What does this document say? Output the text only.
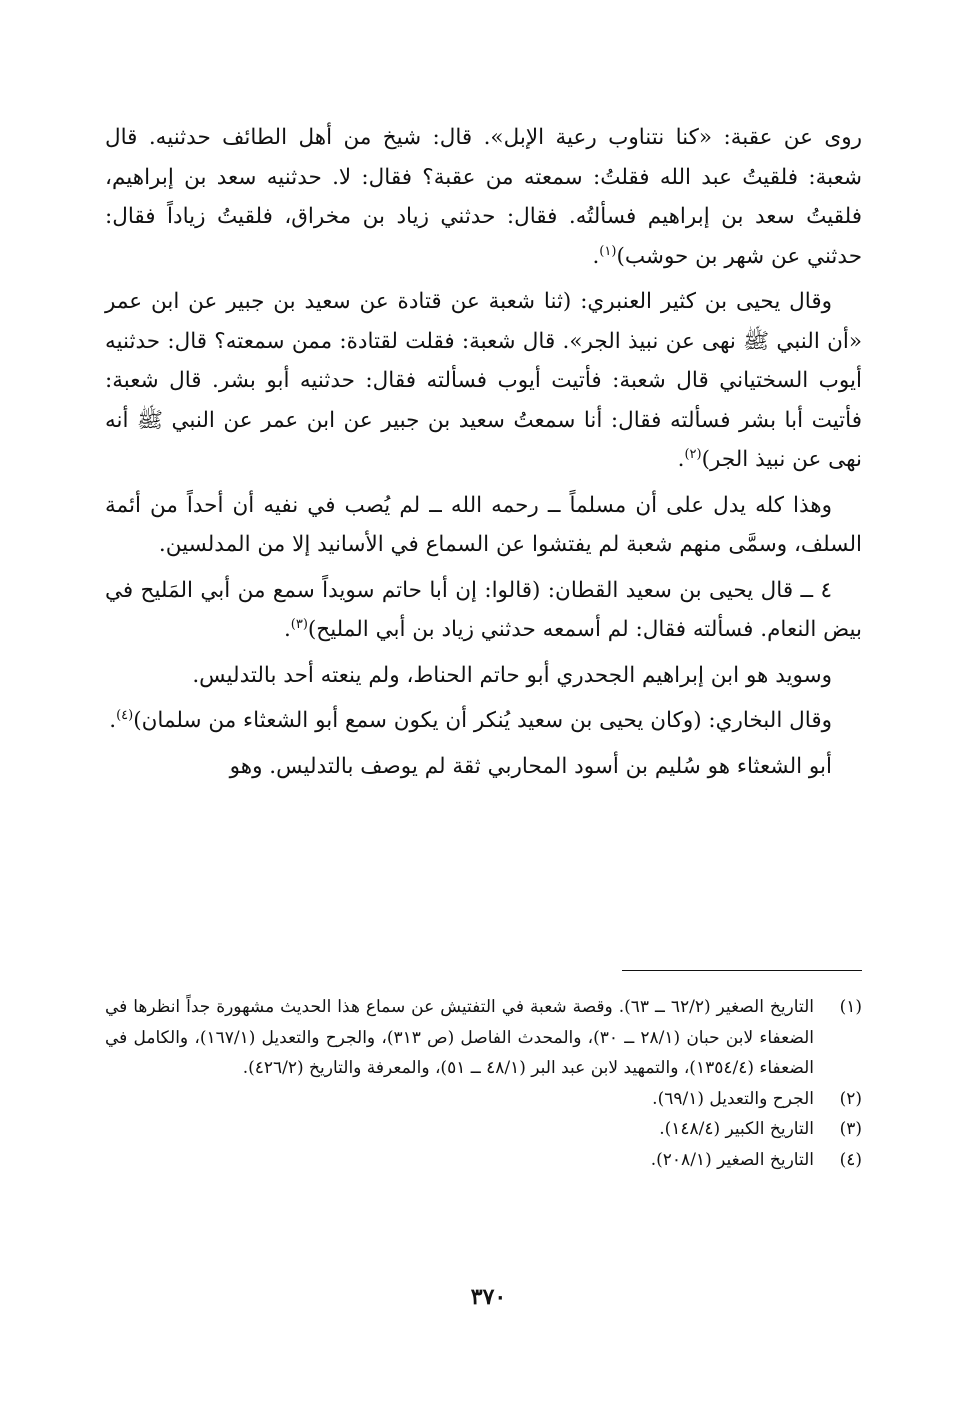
روى عن عقبة: «كنا نتناوب رعية الإبل». قال: شيخ من أهل الطائف حدثنيه. قال شعبة: فلقيتُ عبد الله فقلتُ: سمعته من عقبة؟ فقال: لا. حدثنيه سعد بن إبراهيم، فلقيتُ سعد بن إبراهيم فسألتُه. فقال: حدثني زياد بن مخراق، فلقيتُ زياداً فقال: حدثني عن شهر بن حوشب)$^{(١)}$.

وقال يحيى بن كثير العنبري: (ثنا شعبة عن قتادة عن سعيد بن جبير عن ابن عمر «أن النبي ﷺ نهى عن نبيذ الجر». قال شعبة: فقلت لقتادة: ممن سمعته؟ قال: حدثنيه أيوب السختياني قال شعبة: فأتيت أيوب فسألته فقال: حدثنيه أبو بشر. قال شعبة: فأتيت أبا بشر فسألته فقال: أنا سمعتُ سعيد بن جبير عن ابن عمر عن النبي ﷺ أنه نهى عن نبيذ الجر)$^{(٢)}$.

وهذا كله يدل على أن مسلماً ــ رحمه الله ــ لم يُصب في نفيه أن أحداً من أئمة السلف، وسمَّى منهم شعبة لم يفتشوا عن السماع في الأسانيد إلا من المدلسين.

٤ ــ قال يحيى بن سعيد القطان: (قالوا: إن أبا حاتم سويداً سمع من أبي المَليح في بيض النعام. فسألته فقال: لم أسمعه حدثني زياد بن أبي المليح)$^{(٣)}$.

وسويد هو ابن إبراهيم الجحدري أبو حاتم الحناط، ولم ينعته أحد بالتدليس.

وقال البخاري: (وكان يحيى بن سعيد يُنكر أن يكون سمع أبو الشعثاء من سلمان)$^{(٤)}$.

أبو الشعثاء هو سُليم بن أسود المحاربي ثقة لم يوصف بالتدليس. وهو

(١)
التاريخ الصغير (٦٢/٢ ــ ٦٣). وقصة شعبة في التفتيش عن سماع هذا الحديث مشهورة جداً انظرها في الضعفاء لابن حبان (٢٨/١ ــ ٣٠)، والمحدث الفاصل (ص ٣١٣)، والجرح والتعديل (١٦٧/١)، والكامل في الضعفاء (١٣٥٤/٤)، والتمهيد لابن عبد البر (٤٨/١ ــ ٥١)، والمعرفة والتاريخ (٤٢٦/٢).
(٢)
الجرح والتعديل (٦٩/١).
(٣)
التاريخ الكبير (١٤٨/٤).
(٤)
التاريخ الصغير (٢٠٨/١).
٣٧٠
